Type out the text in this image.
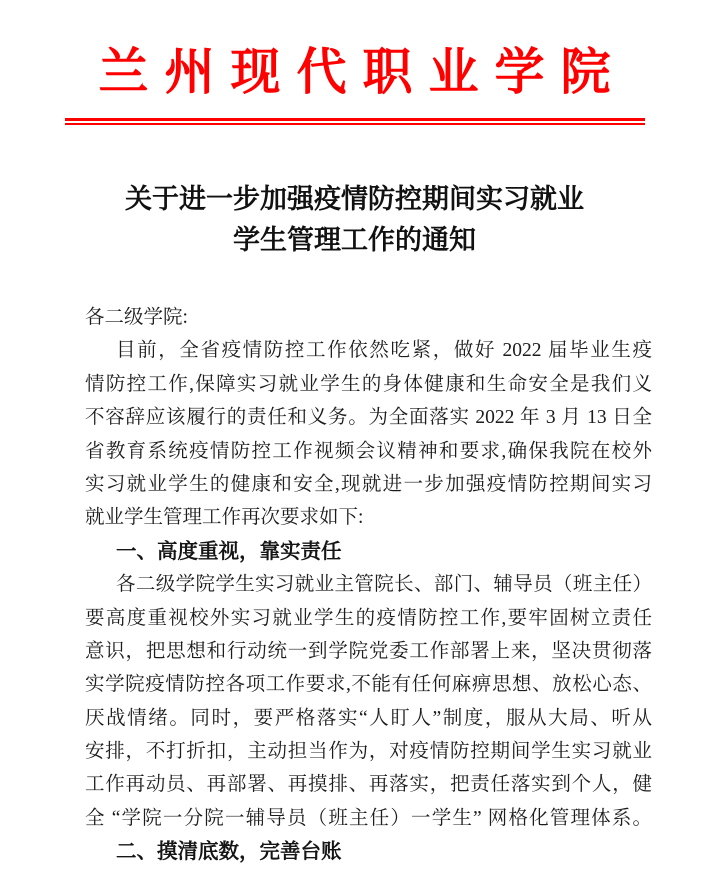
兰州现代职业学院
关于进一步加强疫情防控期间实习就业
学生管理工作的通知
各二级学院:
目前，全省疫情防控工作依然吃紧，做好 2022 届毕业生疫
情防控工作,保障实习就业学生的身体健康和生命安全是我们义
不容辞应该履行的责任和义务。为全面落实 2022 年 3 月 13 日全
省教育系统疫情防控工作视频会议精神和要求,确保我院在校外
实习就业学生的健康和安全,现就进一步加强疫情防控期间实习
就业学生管理工作再次要求如下:
一、高度重视，靠实责任
各二级学院学生实习就业主管院长、部门、辅导员（班主任）
要高度重视校外实习就业学生的疫情防控工作,要牢固树立责任
意识，把思想和行动统一到学院党委工作部署上来，坚决贯彻落
实学院疫情防控各项工作要求,不能有任何麻痹思想、放松心态、
厌战情绪。同时，要严格落实“人盯人”制度，服从大局、听从
安排，不打折扣，主动担当作为，对疫情防控期间学生实习就业
工作再动员、再部署、再摸排、再落实，把责任落实到个人，健
全 “学院一分院一辅导员（班主任）一学生” 网格化管理体系。
二、摸清底数，完善台账
